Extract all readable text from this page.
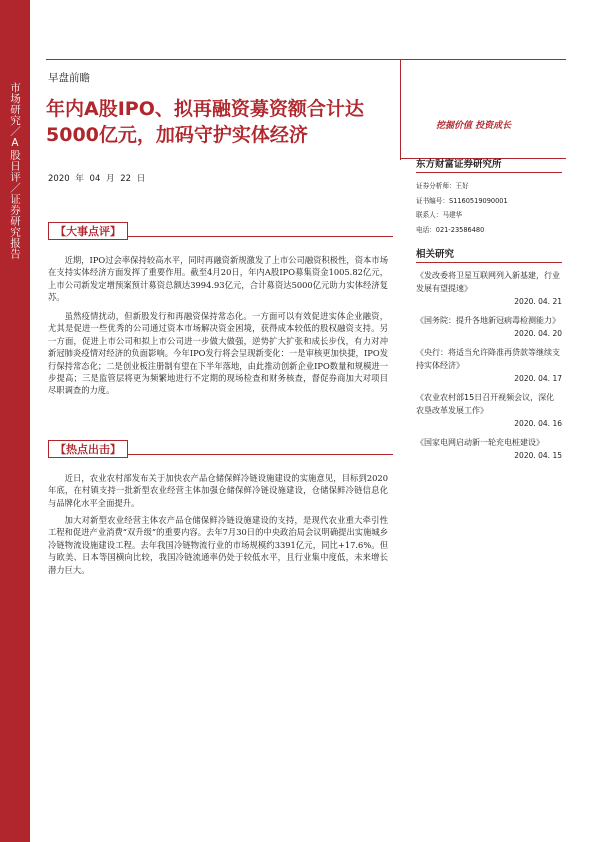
市场研究／A股日评／证券研究报告
早盘前瞻
年内A股IPO、拟再融资募资额合计达
5000亿元，加码守护实体经济
2020 年 04 月 22 日
挖掘价值 投资成长
【大事点评】

近期，IPO过会率保持较高水平，同时再融资新规激发了上市公司融资积极性，资本市场在支持实体经济方面发挥了重要作用。截至4月20日，年内A股IPO募集资金1005.82亿元，上市公司新发定增预案预计募资总额达3994.93亿元，合计募资达5000亿元助力实体经济复苏。

虽然疫情扰动，但新股发行和再融资保持常态化。一方面可以有效促进实体企业融资，尤其是促进一些优秀的公司通过资本市场解决资金困境，获得成本较低的股权融资支持。另一方面，促进上市公司和拟上市公司进一步做大做强，逆势扩大扩张和成长步伐，有力对冲新冠肺炎疫情对经济的负面影响。今年IPO发行将会呈现新变化：一是审核更加快捷，IPO发行保持常态化；二是创业板注册制有望在下半年落地，由此推动创新企业IPO数量和规模进一步提高；三是监管层将更为频繁地进行不定期的现场检查和财务核查，督促券商加大对项目尽职调查的力度。

【热点出击】

近日，农业农村部发布关于加快农产品仓储保鲜冷链设施建设的实施意见，目标到2020年底，在村镇支持一批新型农业经营主体加强仓储保鲜冷链设施建设，仓储保鲜冷链信息化与品牌化水平全面提升。

加大对新型农业经营主体农产品仓储保鲜冷链设施建设的支持，是现代农业重大牵引性工程和促进产业消费“双升级”的重要内容。去年7月30日的中央政治局会议明确提出实施城乡冷链物流设施建设工程。去年我国冷链物流行业的市场规模约3391亿元，同比+17.6%。但与欧美、日本等国横向比较，我国冷链流通率仍处于较低水平，且行业集中度低，未来增长潜力巨大。

东方财富证券研究所
证券分析师：王好
证书编号：S1160519090001
联系人：马建华
电话：021-23586480
相关研究
《发改委将卫星互联网列入新基建，行业发展有望提速》
2020. 04. 21
《国务院：提升各地新冠病毒检测能力》
2020. 04. 20
《央行：将适当允许降准再贷款等继续支持实体经济》
2020. 04. 17
《农业农村部15日召开视频会议，深化农垦改革发展工作》
2020. 04. 16
《国家电网启动新一轮充电桩建设》
2020. 04. 15
